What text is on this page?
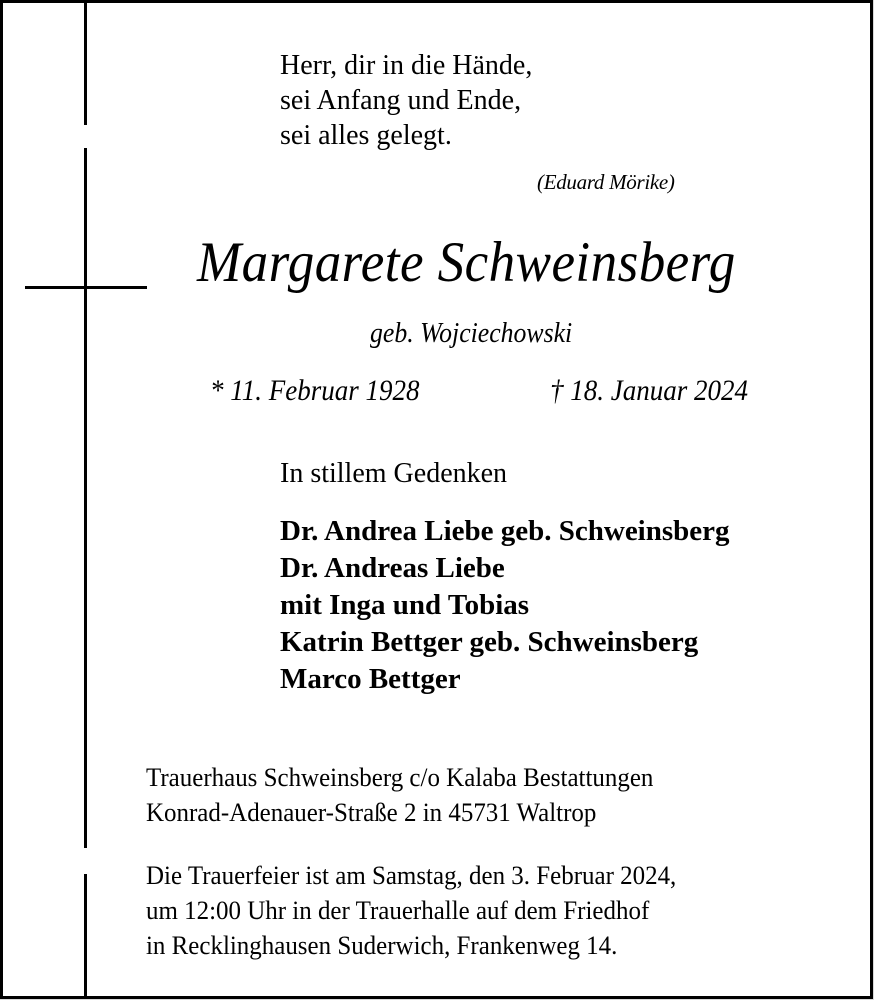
Herr, dir in die Hände,
sei Anfang und Ende,
sei alles gelegt.
(Eduard Mörike)
Margarete Schweinsberg
geb. Wojciechowski
* 11. Februar 1928	† 18. Januar 2024
In stillem Gedenken
Dr. Andrea Liebe geb. Schweinsberg
Dr. Andreas Liebe
mit Inga und Tobias
Katrin Bettger geb. Schweinsberg
Marco Bettger
Trauerhaus Schweinsberg c/o Kalaba Bestattungen
Konrad-Adenauer-Straße 2 in 45731 Waltrop
Die Trauerfeier ist am Samstag, den 3. Februar 2024,
um 12:00 Uhr in der Trauerhalle auf dem Friedhof
in Recklinghausen Suderwich, Frankenweg 14.
